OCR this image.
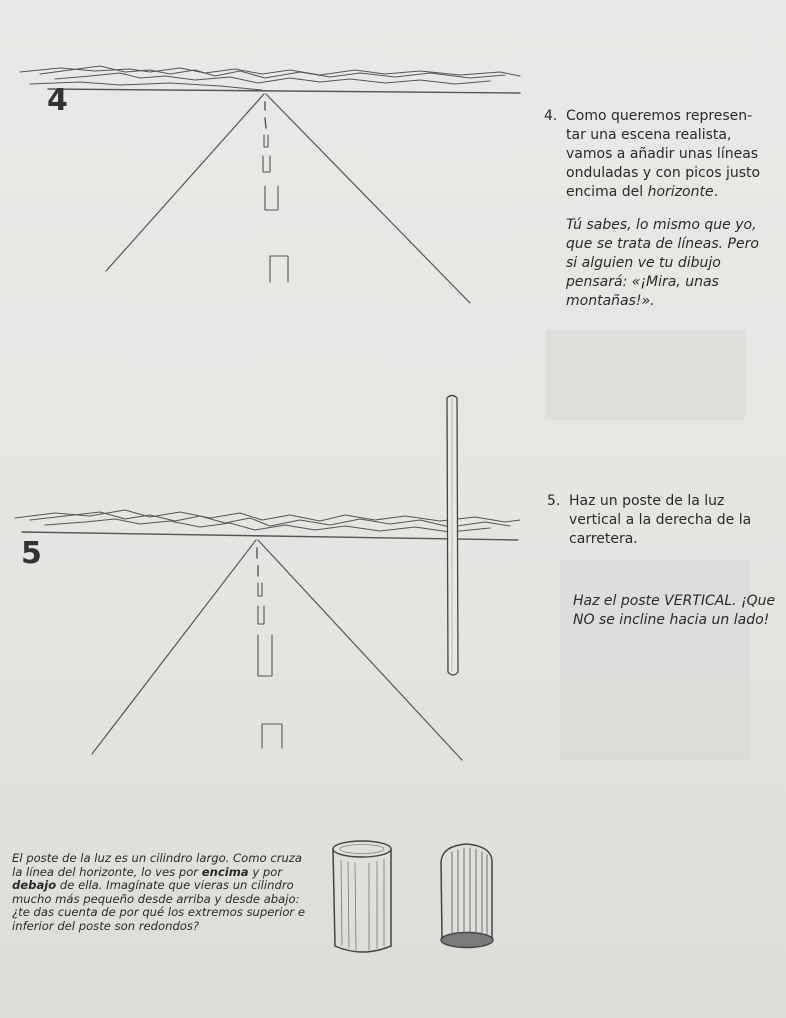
4
5
4. Como queremos represen-
tar una escena realista,
vamos a añadir unas líneas
onduladas y con picos justo
encima del horizonte.

Tú sabes, lo mismo que yo,
que se trata de líneas. Pero
si alguien ve tu dibujo
pensará: «¡Mira, unas
montañas!».

5. Haz un poste de la luz
vertical a la derecha de la
carretera.

Haz el poste VERTICAL. ¡Que
NO se incline hacia un lado!
El poste de la luz es un cilindro largo. Como cruza la línea del horizonte, lo ves por encima y por debajo de ella. Imagínate que vieras un cilindro mucho más pequeño desde arriba y desde abajo: ¿te das cuenta de por qué los extremos superior e inferior del poste son redondos?
